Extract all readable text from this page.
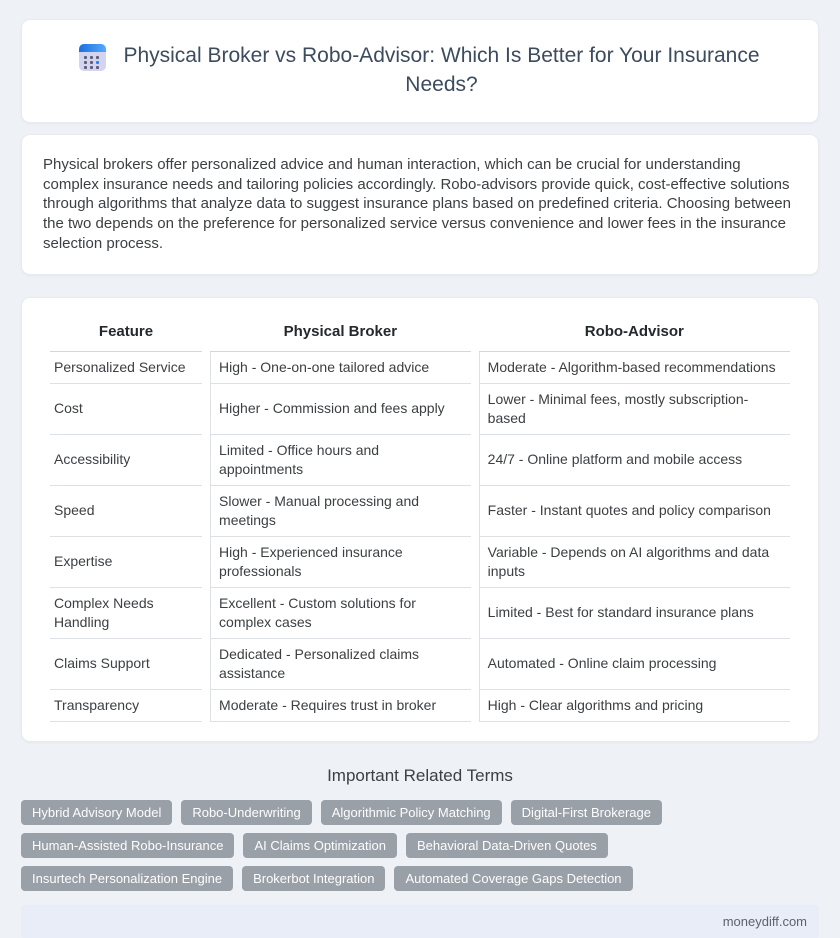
Physical Broker vs Robo-Advisor: Which Is Better for Your Insurance Needs?

Physical brokers offer personalized advice and human interaction, which can be crucial for understanding complex insurance needs and tailoring policies accordingly. Robo-advisors provide quick, cost-effective solutions through algorithms that analyze data to suggest insurance plans based on predefined criteria. Choosing between the two depends on the preference for personalized service versus convenience and lower fees in the insurance selection process.

Feature	Physical Broker	Robo-Advisor
Personalized Service	High - One-on-one tailored advice	Moderate - Algorithm-based recommendations
Cost	Higher - Commission and fees apply	Lower - Minimal fees, mostly subscription-based
Accessibility	Limited - Office hours and appointments	24/7 - Online platform and mobile access
Speed	Slower - Manual processing and meetings	Faster - Instant quotes and policy comparison
Expertise	High - Experienced insurance professionals	Variable - Depends on AI algorithms and data inputs
Complex Needs Handling	Excellent - Custom solutions for complex cases	Limited - Best for standard insurance plans
Claims Support	Dedicated - Personalized claims assistance	Automated - Online claim processing
Transparency	Moderate - Requires trust in broker	High - Clear algorithms and pricing
Important Related Terms
Hybrid Advisory Model	Robo-Underwriting	Algorithmic Policy Matching	Digital-First Brokerage
Human-Assisted Robo-Insurance	AI Claims Optimization	Behavioral Data-Driven Quotes
Insurtech Personalization Engine	Brokerbot Integration	Automated Coverage Gaps Detection
moneydiff.com
